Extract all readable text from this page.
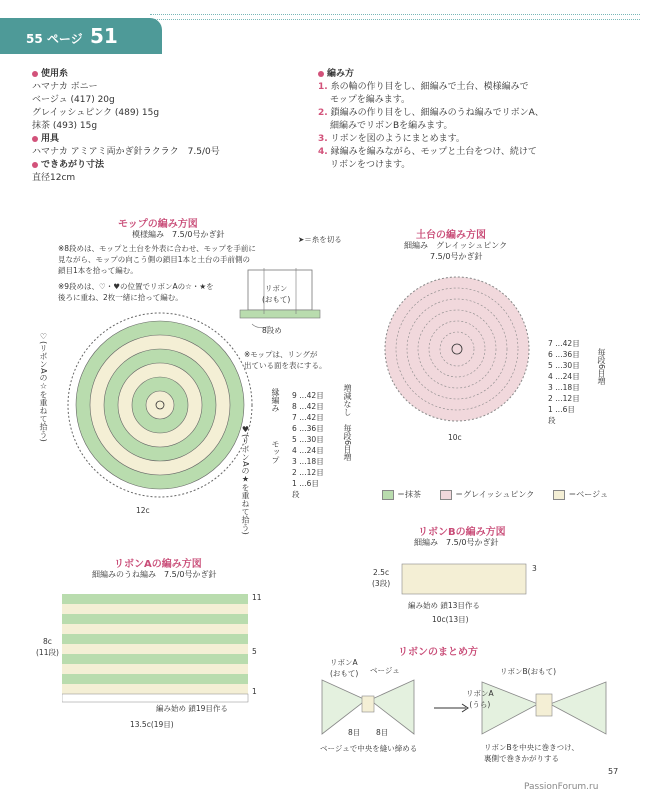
55 ページ 51
使用糸
ハマナカ ボニー
ベージュ (417) 20g
グレイッシュピンク (489) 15g
抹茶 (493) 15g
用具
ハマナカ アミアミ両かぎ針ラクラク　7.5/0号
できあがり寸法
直径12cm
編み方
1. 糸の輪の作り目をし、細編みで土台、模様編みで
モップを編みます。
2. 鎖編みの作り目をし、細編みのうね編みでリボンA、
細編みでリボンBを編みます。
3. リボンを図のようにまとめます。
4. 縁編みを編みながら、モップと土台をつけ、続けて
リボンをつけます。
モップの編み方図
模様編み　7.5/0号かぎ針
※8段めは、モップと土台を外表に合わせ、モップを手前に
見ながら、モップの向こう側の鎖目1本と土台の手前側の
鎖目1本を拾って編む。
※9段めは、♡・♥の位置でリボンAの☆・★を
後ろに重ね、2枚一緒に拾って編む。
➤＝糸を切る
リボン
(おもて)
8段め
※モップは、リングが
出ている面を表にする。
♡(リボンAの☆を重ねて拾う)
♥(リボンAの★を重ねて拾う)
12c
縁編み
モップ
9 …42目
8 …42目
7 …42目
6 …36目
5 …30目
4 …24目
3 …18目
2 …12目
1 …6目
段
増減なし
毎段6目増
土台の編み方図
細編み　グレイッシュピンク
7.5/0号かぎ針
7 …42目
6 …36目
5 …30目
4 …24目
3 …18目
2 …12目
1 …6目
段
毎段6目増
10c
＝抹茶	＝グレイッシュピンク	＝ベージュ
リボンAの編み方図
細編みのうね編み　7.5/0号かぎ針
11
5
1
8c
(11段)
編み始め 鎖19目作る
13.5c(19目)
リボンBの編み方図
細編み　7.5/0号かぎ針
3
2.5c
(3段)
編み始め 鎖13目作る
10c(13目)
リボンのまとめ方
リボンA
(おもて) ベージュ
8目 8目
ベージュで中央を縫い締める
リボンB(おもて)
リボンA
(うら)
リボンBを中央に巻きつけ、
裏側で巻きかがりする
57
PassionForum.ru
